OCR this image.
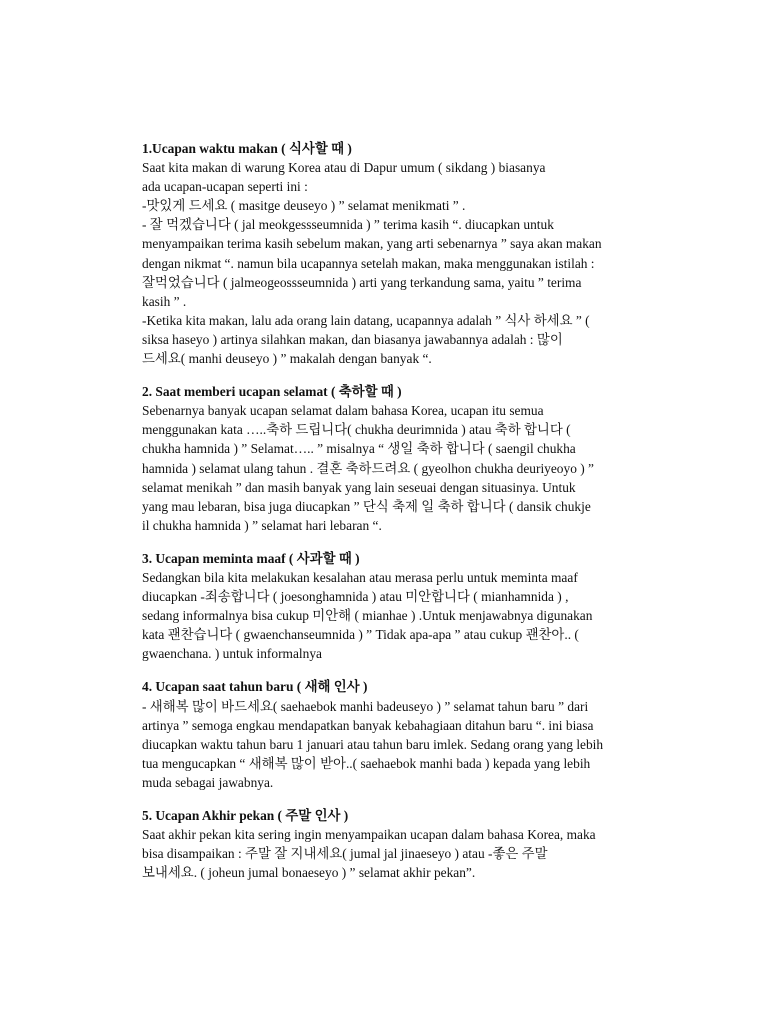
1.Ucapan waktu makan ( 식사할 때 )
Saat kita makan di warung Korea atau di Dapur umum ( sikdang ) biasanya
ada ucapan-ucapan seperti ini :
-맛있게 드세요 ( masitge deuseyo ) ” selamat menikmati ” .
- 잘 먹겠습니다 ( jal meokgessseumnida ) ” terima kasih “. diucapkan untuk
menyampaikan terima kasih sebelum makan, yang arti sebenarnya ” saya akan makan
dengan nikmat “. namun bila ucapannya setelah makan, maka menggunakan istilah :
잘먹었습니다 ( jalmeogeossseumnida ) arti yang terkandung sama, yaitu ” terima
kasih ” .
-Ketika kita makan, lalu ada orang lain datang, ucapannya adalah ” 식사 하세요 ” (
siksa haseyo ) artinya silahkan makan, dan biasanya jawabannya adalah : 많이
드세요( manhi deuseyo ) ” makalah dengan banyak “.
2. Saat memberi ucapan selamat ( 축하할 때 )
Sebenarnya banyak ucapan selamat dalam bahasa Korea, ucapan itu semua
menggunakan kata …..축하 드립니다( chukha deurimnida ) atau 축하 합니다 (
chukha hamnida ) ” Selamat….. ” misalnya “ 생일 축하 합니다 ( saengil chukha
hamnida ) selamat ulang tahun . 결혼 축하드려요 ( gyeolhon chukha deuriyeoyo ) ”
selamat menikah ” dan masih banyak yang lain seseuai dengan situasinya. Untuk
yang mau lebaran, bisa juga diucapkan ” 단식 축제 일 축하 합니다 ( dansik chukje
il chukha hamnida ) ” selamat hari lebaran “.
3. Ucapan meminta maaf ( 사과할 때 )
Sedangkan bila kita melakukan kesalahan atau merasa perlu untuk meminta maaf
diucapkan -죄송합니다 ( joesonghamnida ) atau 미안합니다 ( mianhamnida ) ,
sedang informalnya bisa cukup 미안해 ( mianhae ) .Untuk menjawabnya digunakan
kata 괜찬습니다 ( gwaenchanseumnida ) ” Tidak apa-apa ” atau cukup 괜찬아.. (
gwaenchana. ) untuk informalnya
4. Ucapan saat tahun baru ( 새해 인사 )
- 새해복 많이 바드세요( saehaebok manhi badeuseyo ) ” selamat tahun baru ” dari
artinya ” semoga engkau mendapatkan banyak kebahagiaan ditahun baru “. ini biasa
diucapkan waktu tahun baru 1 januari atau tahun baru imlek. Sedang orang yang lebih
tua mengucapkan “ 새해복 많이 받아..( saehaebok manhi bada ) kepada yang lebih
muda sebagai jawabnya.
5. Ucapan Akhir pekan ( 주말 인사 )
Saat akhir pekan kita sering ingin menyampaikan ucapan dalam bahasa Korea, maka
bisa disampaikan : 주말 잘 지내세요( jumal jal jinaeseyo ) atau -좋은 주말
보내세요. ( joheun jumal bonaeseyo ) ” selamat akhir pekan”.
